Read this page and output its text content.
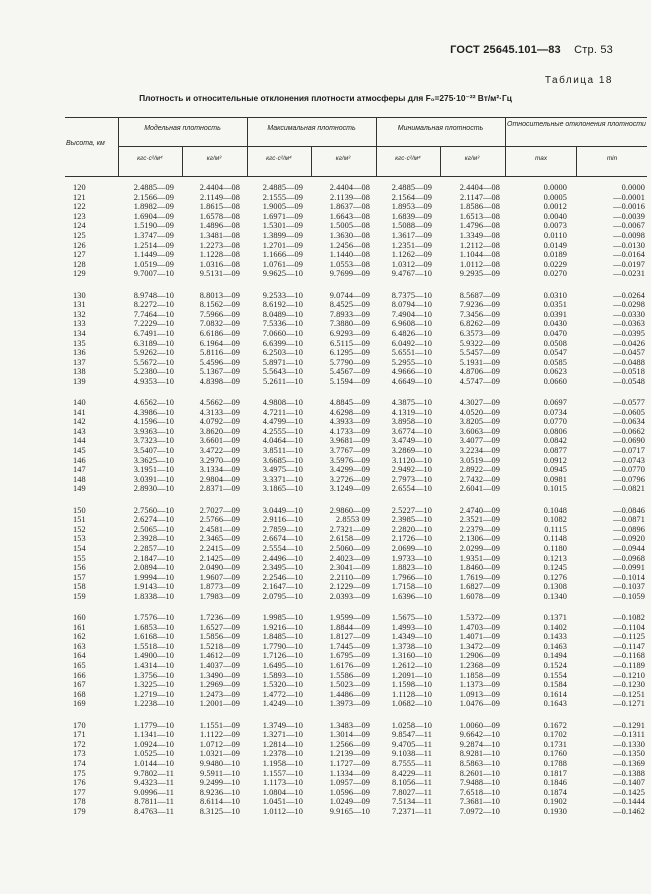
ГОСТ 25645.101—83 Стр. 53
Таблица 18
Плотность и относительные отклонения плотности атмосферы для F₀=275·10⁻²² Вт/м²·Гц
Высота, км
Модельная плотность	Максимальная плотность	Минимальная плотность
Относительные отклонения плотности
кгс·с²/м⁴	кг/м³	кгс·с²/м⁴	кг/м³	кгс·с²/м⁴	кг/м³	max	min
120	2.4885—09	2.4404—08	2.4885—09	2.4404—08	2.4885—09	2.4404—08	0.0000	0.0000
121	2.1566—09	2.1149—08	2.1555—09	2.1139—08	2.1564—09	2.1147—08	0.0005	—0.0001
122	1.8982—09	1.8615—08	1.9005—09	1.8637—08	1.8953—09	1.8586—08	0.0012	—0.0016
123	1.6904—09	1.6578—08	1.6971—09	1.6643—08	1.6839—09	1.6513—08	0.0040	—0.0039
124	1.5190—09	1.4896—08	1.5301—09	1.5005—08	1.5088—09	1.4796—08	0.0073	—0.0067
125	1.3747—09	1.3481—08	1.3899—09	1.3630—08	1.3617—09	1.3349—08	0.0110	—0.0098
126	1.2514—09	1.2273—08	1.2701—09	1.2456—08	1.2351—09	1.2112—08	0.0149	—0.0130
127	1.1449—09	1.1228—08	1.1666—09	1.1440—08	1.1262—09	1.1044—08	0.0189	—0.0164
128	1.0519—09	1.0316—08	1.0761—09	1.0553—08	1.0312—09	1.0112—08	0.0229	—0.0197
129	9.7007—10	9.5131—09	9.9625—10	9.7699—09	9.4767—10	9.2935—09	0.0270	—0.0231
130	8.9748—10	8.8013—09	9.2533—10	9.0744—09	8.7375—10	8.5687—09	0.0310	—0.0264
131	8.2272—10	8.1562—09	8.6192—10	8.4525—09	8.0794—10	7.9236—09	0.0351	—0.0298
132	7.7464—10	7.5966—09	8.0489—10	7.8933—09	7.4904—10	7.3456—09	0.0391	—0.0330
133	7.2229—10	7.0832—09	7.5336—10	7.3880—09	6.9608—10	6.8262—09	0.0430	—0.0363
134	6.7491—10	6.6186—09	7.0660—10	6.9293—09	6.4826—10	6.3573—09	0.0470	—0.0395
135	6.3189—10	6.1964—09	6.6399—10	6.5115—09	6.0492—10	5.9322—09	0.0508	—0.0426
136	5.9262—10	5.8116—09	6.2503—10	6.1295—09	5.6551—10	5.5457—09	0.0547	—0.0457
137	5.5672—10	5.4596—09	5.8971—10	5.7790—09	5.2955—10	5.1931—09	0.0585	—0.0488
138	5.2380—10	5.1367—09	5.5643—10	5.4567—09	4.9666—10	4.8706—09	0.0623	—0.0518
139	4.9353—10	4.8398—09	5.2611—10	5.1594—09	4.6649—10	4.5747—09	0.0660	—0.0548
140	4.6562—10	4.5662—09	4.9808—10	4.8845—09	4.3875—10	4.3027—09	0.0697	—0.0577
141	4.3986—10	4.3133—09	4.7211—10	4.6298—09	4.1319—10	4.0520—09	0.0734	—0.0605
142	4.1596—10	4.0792—09	4.4799—10	4.3933—09	3.8958—10	3.8205—09	0.0770	—0.0634
143	3.9363—10	3.8620—09	4.2555—10	4.1733—09	3.6774—10	3.6063—09	0.0806	—0.0662
144	3.7323—10	3.6601—09	4.0464—10	3.9681—09	3.4749—10	3.4077—09	0.0842	—0.0690
145	3.5407—10	3.4722—09	3.8511—10	3.7767—09	3.2869—10	3.2234—09	0.0877	—0.0717
146	3.3625—10	3.2970—09	3.6685—10	3.5976—09	3.1120—10	3.0519—09	0.0912	—0.0743
147	3.1951—10	3.1334—09	3.4975—10	3.4299—09	2.9492—10	2.8922—09	0.0945	—0.0770
148	3.0391—10	2.9804—09	3.3371—10	3.2726—09	2.7973—10	2.7432—09	0.0981	—0.0796
149	2.8930—10	2.8371—09	3.1865—10	3.1249—09	2.6554—10	2.6041—09	0.1015	—0.0821
150	2.7560—10	2.7027—09	3.0449—10	2.9860—09	2.5227—10	2.4740—09	0.1048	—0.0846
151	2.6274—10	2.5766—09	2.9116—10	2.8553 09	2.3985—10	2.3521—09	0.1082	—0.0871
152	2.5065—10	2.4581—09	2.7859—10	2.7321—09	2.2820—10	2.2379—09	0.1115	—0.0896
153	2.3928—10	2.3465—09	2.6674—10	2.6158—09	2.1726—10	2.1306—09	0.1148	—0.0920
154	2.2857—10	2.2415—09	2.5554—10	2.5060—09	2.0699—10	2.0299—09	0.1180	—0.0944
155	2.1847—10	2.1425—09	2.4496—10	2.4023—09	1.9733—10	1.9351—09	0.1213	—0.0968
156	2.0894—10	2.0490—09	2.3495—10	2.3041—09	1.8823—10	1.8460—09	0.1245	—0.0991
157	1.9994—10	1.9607—09	2.2546—10	2.2110—09	1.7966—10	1.7619—09	0.1276	—0.1014
158	1.9143—10	1.8773—09	2.1647—10	2.1229—09	1.7158—10	1.6827—09	0.1308	—0.1037
159	1.8338—10	1.7983—09	2.0795—10	2.0393—09	1.6396—10	1.6078—09	0.1340	—0.1059
160	1.7576—10	1.7236—09	1.9985—10	1.9599—09	1.5675—10	1.5372—09	0.1371	—0.1082
161	1.6853—10	1.6527—09	1.9216—10	1.8844—09	1.4993—10	1.4703—09	0.1402	—0.1104
162	1.6168—10	1.5856—09	1.8485—10	1.8127—09	1.4349—10	1.4071—09	0.1433	—0.1125
163	1.5518—10	1.5218—09	1.7790—10	1.7445—09	1.3738—10	1.3472—09	0.1463	—0.1147
164	1.4900—10	1.4612—09	1.7126—10	1.6795—09	1.3160—10	1.2906—09	0.1494	—0.1168
165	1.4314—10	1.4037—09	1.6495—10	1.6176—09	1.2612—10	1.2368—09	0.1524	—0.1189
166	1.3756—10	1.3490—09	1.5893—10	1.5586—09	1.2091—10	1.1858—09	0.1554	—0.1210
167	1.3225—10	1.2969—09	1.5320—10	1.5023—09	1.1598—10	1.1373—09	0.1584	—0.1230
168	1.2719—10	1.2473—09	1.4772—10	1.4486—09	1.1128—10	1.0913—09	0.1614	—0.1251
169	1.2238—10	1.2001—09	1.4249—10	1.3973—09	1.0682—10	1.0476—09	0.1643	—0.1271
170	1.1779—10	1.1551—09	1.3749—10	1.3483—09	1.0258—10	1.0060—09	0.1672	—0.1291
171	1.1341—10	1.1122—09	1.3271—10	1.3014—09	9.8547—11	9.6642—10	0.1702	—0.1311
172	1.0924—10	1.0712—09	1.2814—10	1.2566—09	9.4705—11	9.2874—10	0.1731	—0.1330
173	1.0525—10	1.0321—09	1.2378—10	1.2139—09	9.1038—11	8.9281—10	0.1760	—0.1350
174	1.0144—10	9.9480—10	1.1958—10	1.1727—09	8.7555—11	8.5863—10	0.1788	—0.1369
175	9.7802—11	9.5911—10	1.1557—10	1.1334—09	8.4229—11	8.2601—10	0.1817	—0.1388
176	9.4323—11	9.2499—10	1.1173—10	1.0957—09	8.1056—11	7.9488—10	0.1846	—0.1407
177	9.0996—11	8.9236—10	1.0804—10	1.0596—09	7.8027—11	7.6518—10	0.1874	—0.1425
178	8.7811—11	8.6114—10	1.0451—10	1.0249—09	7.5134—11	7.3681—10	0.1902	—0.1444
179	8.4763—11	8.3125—10	1.0112—10	9.9165—10	7.2371—11	7.0972—10	0.1930	—0.1462
